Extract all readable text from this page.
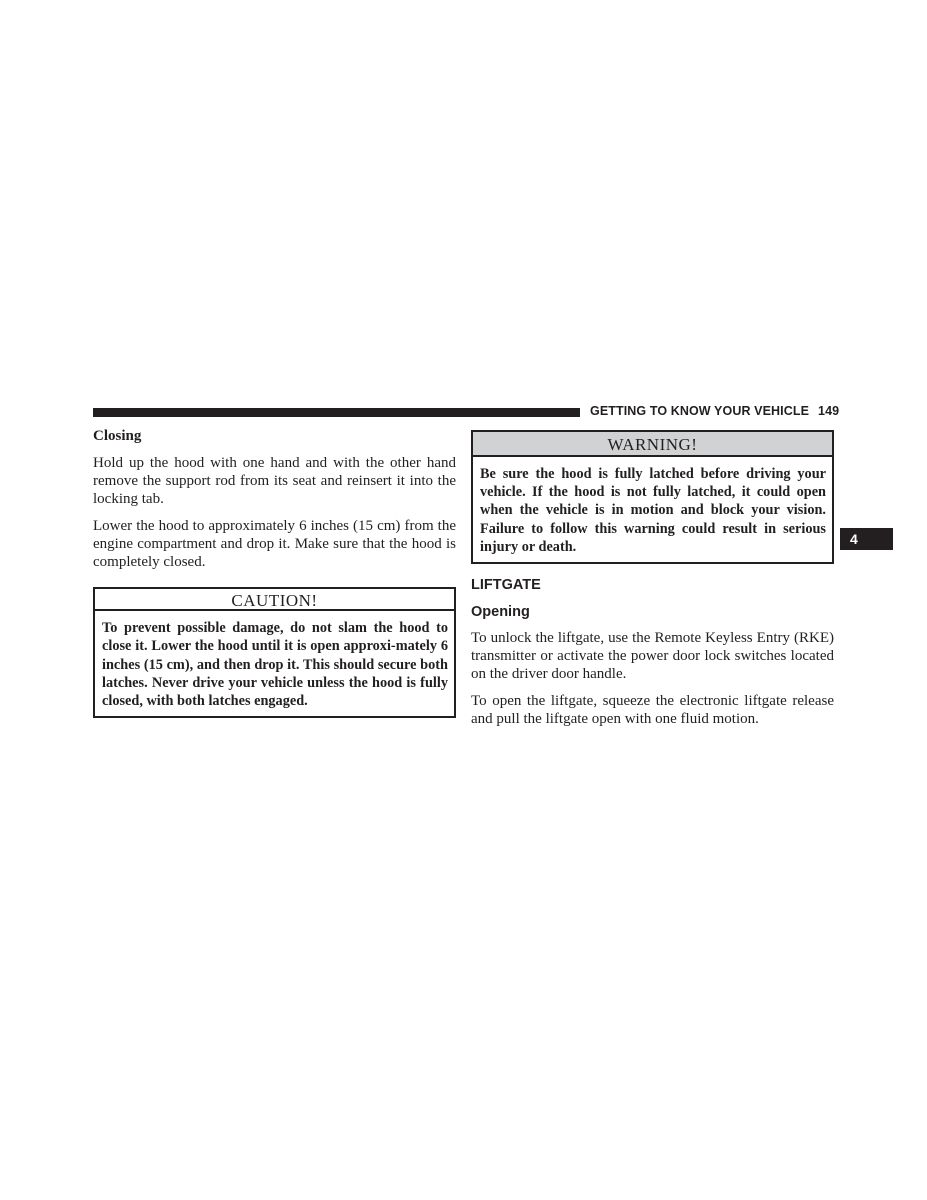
GETTING TO KNOW YOUR VEHICLE 149
4
Closing

Hold up the hood with one hand and with the other hand remove the support rod from its seat and reinsert it into the locking tab.

Lower the hood to approximately 6 inches (15 cm) from the engine compartment and drop it. Make sure that the hood is completely closed.

CAUTION!
To prevent possible damage, do not slam the hood to close it. Lower the hood until it is open approxi-mately 6 inches (15 cm), and then drop it. This should secure both latches. Never drive your vehicle unless the hood is fully closed, with both latches engaged.
WARNING!
Be sure the hood is fully latched before driving your vehicle. If the hood is not fully latched, it could open when the vehicle is in motion and block your vision. Failure to follow this warning could result in serious injury or death.
LIFTGATE
Opening

To unlock the liftgate, use the Remote Keyless Entry (RKE) transmitter or activate the power door lock switches located on the driver door handle.

To open the liftgate, squeeze the electronic liftgate release and pull the liftgate open with one fluid motion.
